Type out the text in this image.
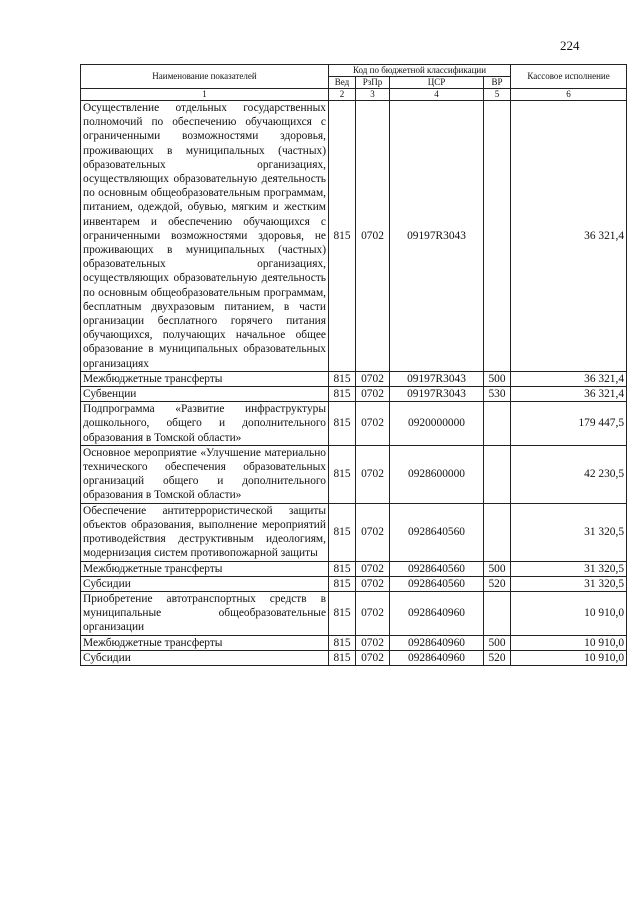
224
Наименование показателей	Код по бюджетной классификации				Кассовое исполнение
	Вед	РзПр	ЦСР	ВР	
1	2	3	4	5	6
Осуществление отдельных государственных полномочий по обеспечению обучающихся с ограниченными возможностями здоровья, проживающих в муниципальных (частных) образовательных организациях, осуществляющих образовательную деятельность по основным общеобразовательным программам, питанием, одеждой, обувью, мягким и жестким инвентарем и обеспечению обучающихся с ограниченными возможностями здоровья, не проживающих в муниципальных (частных) образовательных организациях, осуществляющих образовательную деятельность по основным общеобразовательным программам, бесплатным двухразовым питанием, в части организации бесплатного горячего питания обучающихся, получающих начальное общее образование в муниципальных образовательных организациях	815	0702	09197R3043		36 321,4
Межбюджетные трансферты	815	0702	09197R3043	500	36 321,4
Субвенции	815	0702	09197R3043	530	36 321,4
Подпрограмма «Развитие инфраструктуры дошкольного, общего и дополнительного образования в Томской области»	815	0702	0920000000		179 447,5
Основное мероприятие «Улучшение материально технического обеспечения образовательных организаций общего и дополнительного образования в Томской области»	815	0702	0928600000		42 230,5
Обеспечение антитеррористической защиты объектов образования, выполнение мероприятий противодействия деструктивным идеологиям, модернизация систем противопожарной защиты	815	0702	0928640560		31 320,5
Межбюджетные трансферты	815	0702	0928640560	500	31 320,5
Субсидии	815	0702	0928640560	520	31 320,5
Приобретение автотранспортных средств в муниципальные общеобразовательные организации	815	0702	0928640960		10 910,0
Межбюджетные трансферты	815	0702	0928640960	500	10 910,0
Субсидии	815	0702	0928640960	520	10 910,0
